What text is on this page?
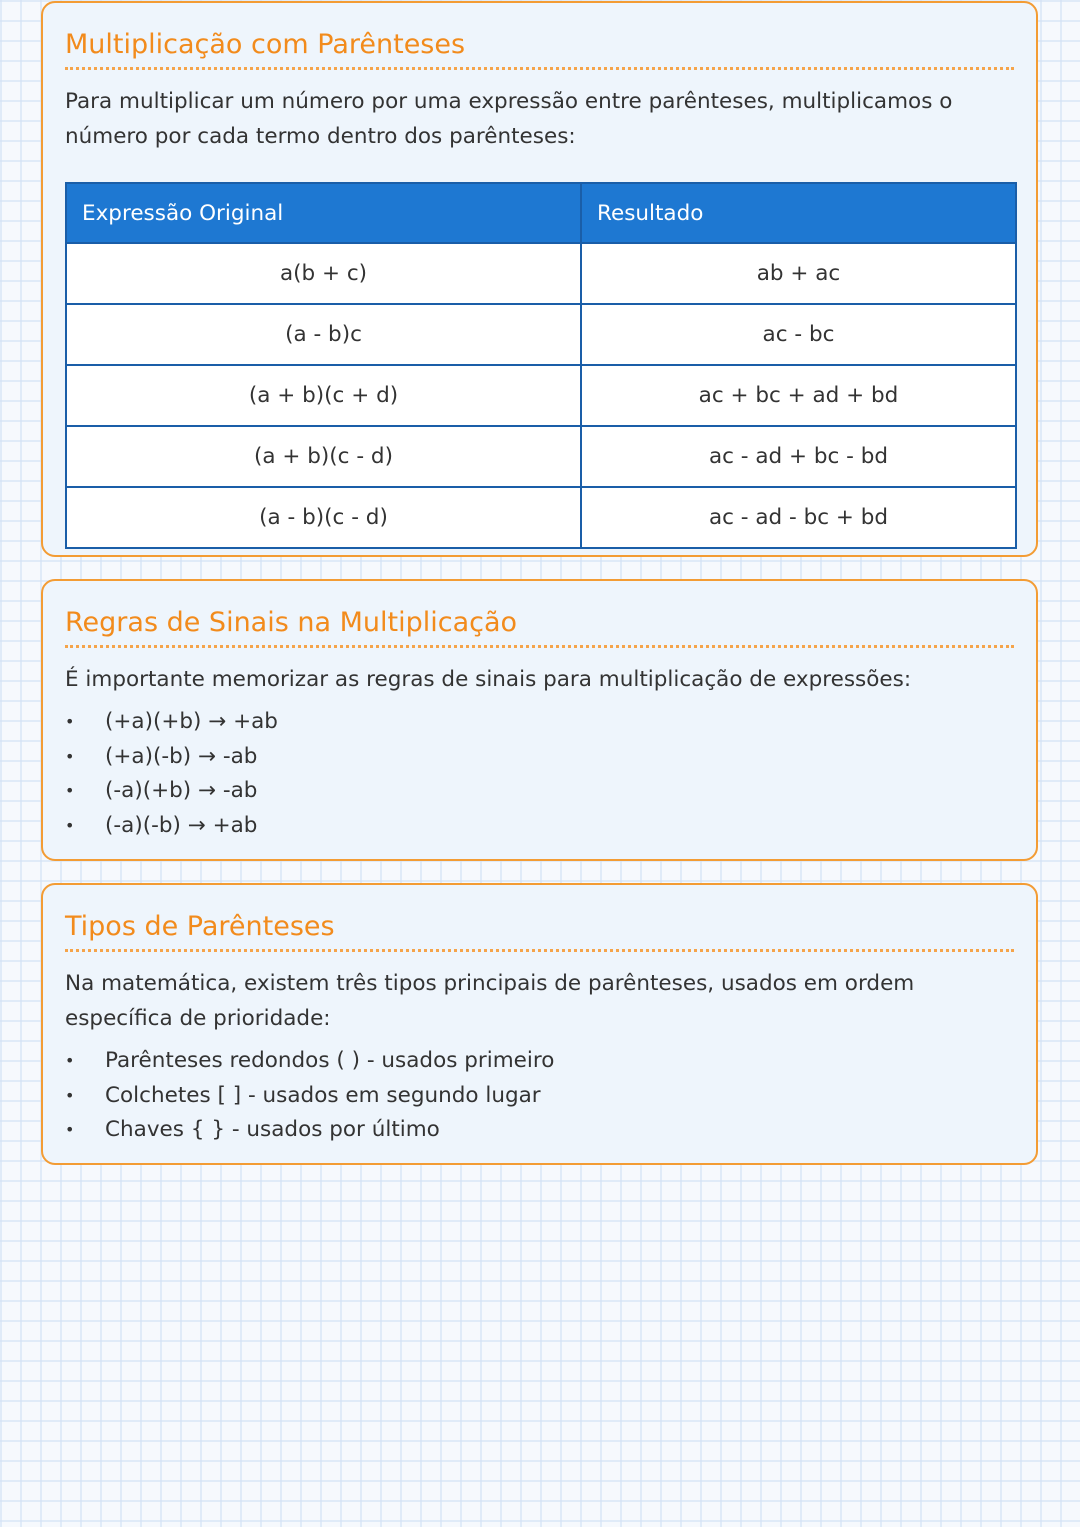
Multiplicação com Parênteses

Para multiplicar um número por uma expressão entre parênteses, multiplicamos o número por cada termo dentro dos parênteses:

Expressão Original	Resultado
a(b + c)	ab + ac
(a - b)c	ac - bc
(a + b)(c + d)	ac + bc + ad + bd
(a + b)(c - d)	ac - ad + bc - bd
(a - b)(c - d)	ac - ad - bc + bd
Regras de Sinais na Multiplicação

É importante memorizar as regras de sinais para multiplicação de expressões:

• (+a)(+b) → +ab
• (+a)(-b) → -ab
• (-a)(+b) → -ab
• (-a)(-b) → +ab
Tipos de Parênteses

Na matemática, existem três tipos principais de parênteses, usados em ordem específica de prioridade:

• Parênteses redondos ( ) - usados primeiro
• Colchetes [ ] - usados em segundo lugar
• Chaves { } - usados por último
